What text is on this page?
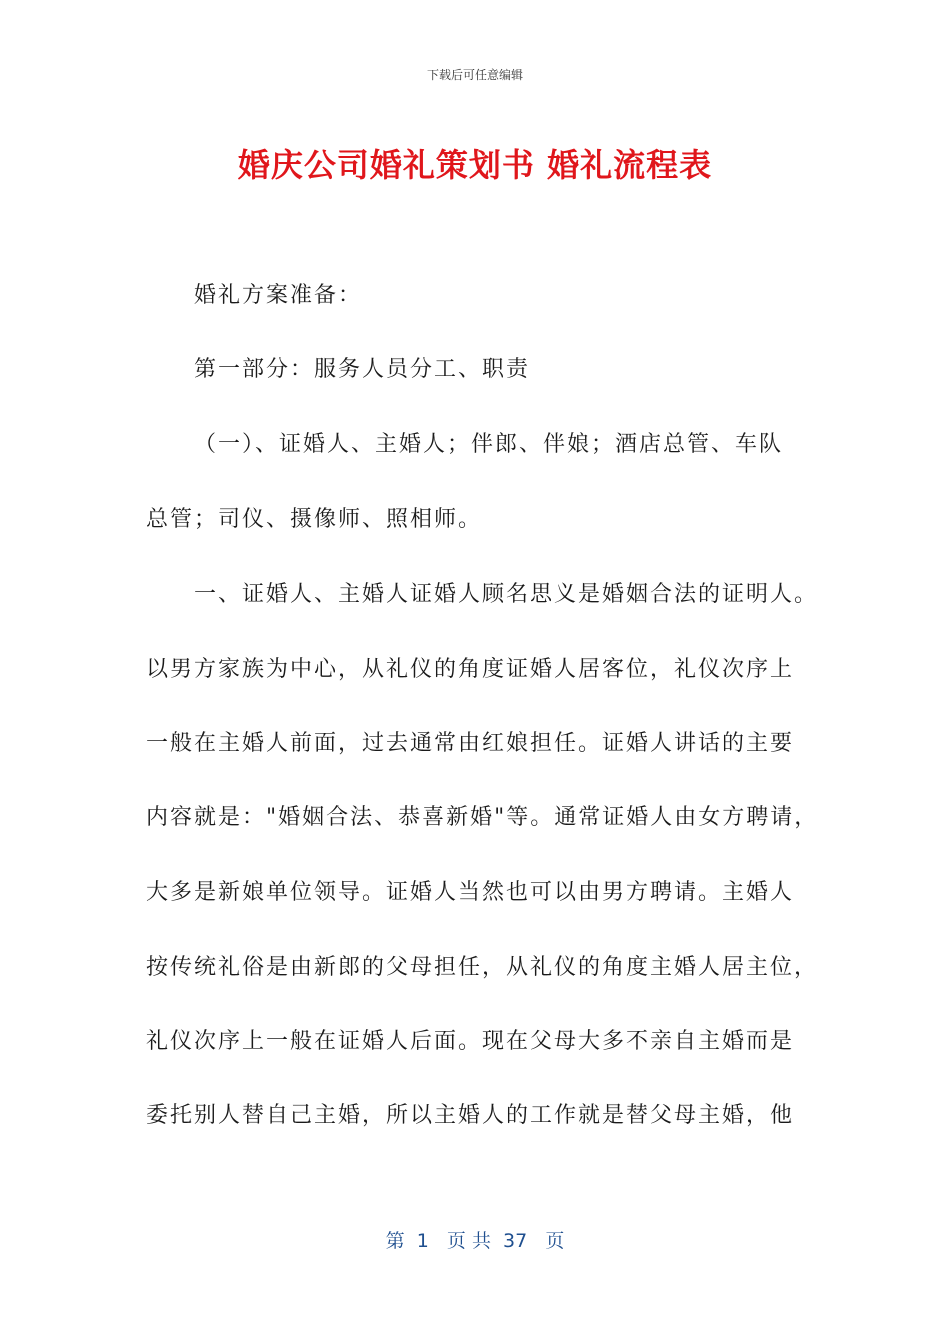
下载后可任意编辑
婚庆公司婚礼策划书 婚礼流程表
婚礼方案准备：
第一部分：服务人员分工、职责
（一）、证婚人、主婚人；伴郎、伴娘；酒店总管、车队
总管；司仪、摄像师、照相师。
一、证婚人、主婚人证婚人顾名思义是婚姻合法的证明人。
以男方家族为中心，从礼仪的角度证婚人居客位，礼仪次序上
一般在主婚人前面，过去通常由红娘担任。证婚人讲话的主要
内容就是："婚姻合法、恭喜新婚"等。通常证婚人由女方聘请，
大多是新娘单位领导。证婚人当然也可以由男方聘请。主婚人
按传统礼俗是由新郎的父母担任，从礼仪的角度主婚人居主位，
礼仪次序上一般在证婚人后面。现在父母大多不亲自主婚而是
委托别人替自己主婚，所以主婚人的工作就是替父母主婚，他
第  1   页 共  37   页
